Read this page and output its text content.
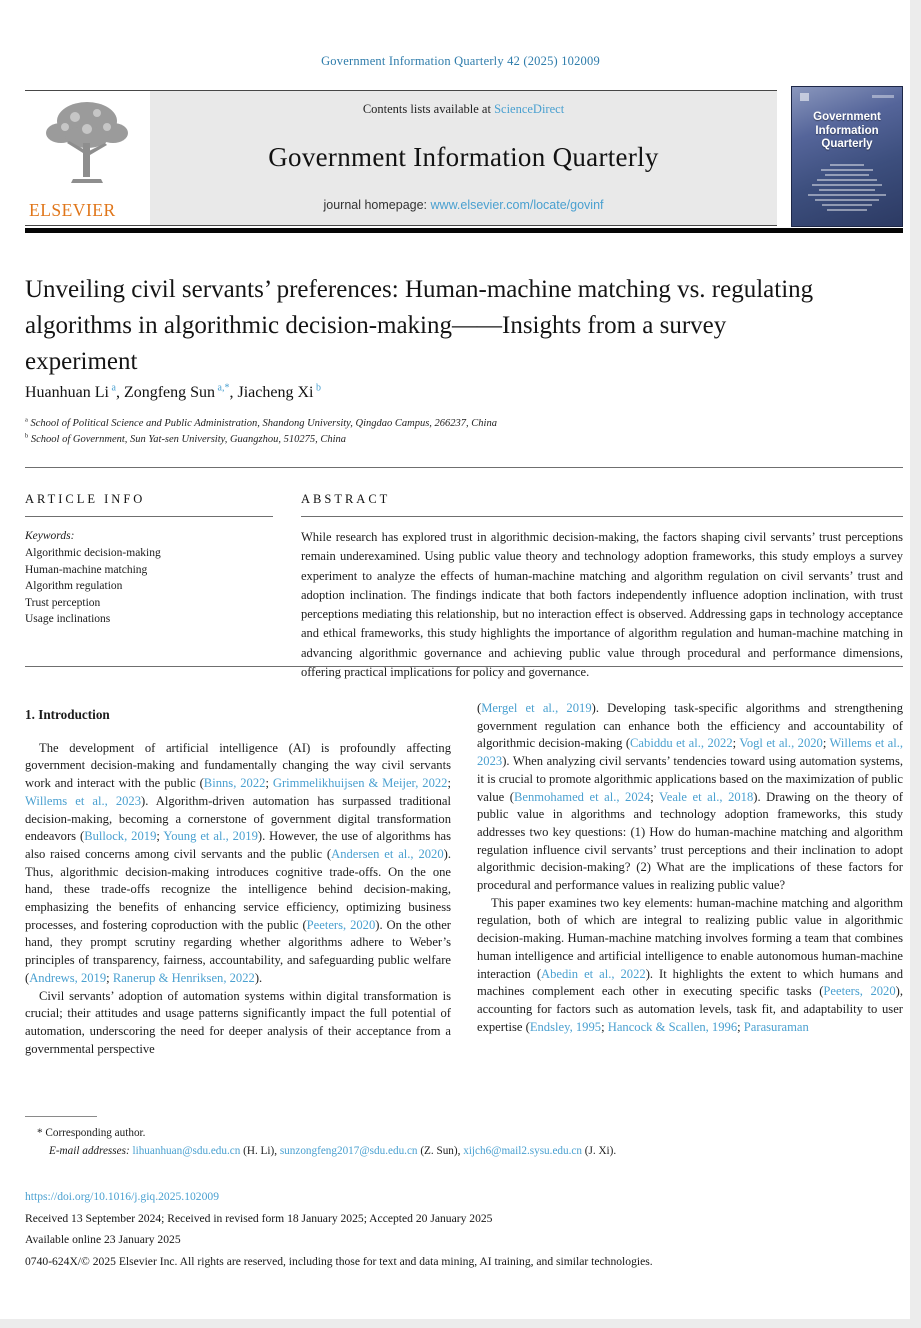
Government Information Quarterly 42 (2025) 102009
ELSEVIER
Contents lists available at ScienceDirect
Government Information Quarterly
journal homepage: www.elsevier.com/locate/govinf
Government Information Quarterly
Unveiling civil servants’ preferences: Human-machine matching vs. regulating algorithms in algorithmic decision-making——Insights from a survey experiment
Huanhuan Li $^a$, Zongfeng Sun $^{a,*}$, Jiacheng Xi $^b$
$^a$ School of Political Science and Public Administration, Shandong University, Qingdao Campus, 266237, China
$^b$ School of Government, Sun Yat-sen University, Guangzhou, 510275, China
ARTICLE INFO
Keywords:
Algorithmic decision-making
Human-machine matching
Algorithm regulation
Trust perception
Usage inclinations
ABSTRACT
While research has explored trust in algorithmic decision-making, the factors shaping civil servants’ trust perceptions remain underexamined. Using public value theory and technology adoption frameworks, this study employs a survey experiment to analyze the effects of human-machine matching and algorithm regulation on civil servants’ trust and adoption inclination. The findings indicate that both factors independently influence adoption inclination, with trust perceptions mediating this relationship, but no interaction effect is observed. Addressing gaps in technology acceptance and ethical frameworks, this study highlights the importance of algorithm regulation and human-machine matching in advancing algorithmic governance and achieving public value through procedural and performance dimensions, offering practical implications for policy and governance.
1. Introduction

The development of artificial intelligence (AI) is profoundly affecting government decision-making and fundamentally changing the way civil servants work and interact with the public (Binns, 2022; Grimmelikhuijsen & Meijer, 2022; Willems et al., 2023). Algorithm-driven automation has surpassed traditional decision-making, becoming a cornerstone of government digital transformation endeavors (Bullock, 2019; Young et al., 2019). However, the use of algorithms has also raised concerns among civil servants and the public (Andersen et al., 2020). Thus, algorithmic decision-making introduces cognitive trade-offs. On the one hand, these trade-offs recognize the intelligence behind decision-making, emphasizing the benefits of enhancing service efficiency, optimizing business processes, and fostering coproduction with the public (Peeters, 2020). On the other hand, they prompt scrutiny regarding whether algorithms adhere to Weber’s principles of transparency, fairness, accountability, and safeguarding public welfare (Andrews, 2019; Ranerup & Henriksen, 2022).

Civil servants’ adoption of automation systems within digital transformation is crucial; their attitudes and usage patterns significantly impact the full potential of automation, underscoring the need for deeper analysis of their acceptance from a governmental perspective

(Mergel et al., 2019). Developing task-specific algorithms and strengthening government regulation can enhance both the efficiency and accountability of algorithmic decision-making (Cabiddu et al., 2022; Vogl et al., 2020; Willems et al., 2023). When analyzing civil servants’ tendencies toward using automation systems, it is crucial to promote algorithmic applications based on the maximization of public value (Benmohamed et al., 2024; Veale et al., 2018). Drawing on the theory of public value in algorithms and technology adoption frameworks, this study addresses two key questions: (1) How do human-machine matching and algorithm regulation influence civil servants’ trust perceptions and their inclination to adopt algorithmic decision-making? (2) What are the implications of these factors for procedural and performance values in realizing public value?

This paper examines two key elements: human-machine matching and algorithm regulation, both of which are integral to realizing public value in algorithmic decision-making. Human-machine matching involves forming a team that combines human intelligence and artificial intelligence to enable autonomous human-machine interaction (Abedin et al., 2022). It highlights the extent to which humans and machines complement each other in executing specific tasks (Peeters, 2020), accounting for factors such as automation levels, task fit, and adaptability to user expertise (Endsley, 1995; Hancock & Scallen, 1996; Parasuraman

* Corresponding author.
E-mail addresses: lihuanhuan@sdu.edu.cn (H. Li), sunzongfeng2017@sdu.edu.cn (Z. Sun), xijch6@mail2.sysu.edu.cn (J. Xi).
https://doi.org/10.1016/j.giq.2025.102009
Received 13 September 2024; Received in revised form 18 January 2025; Accepted 20 January 2025
Available online 23 January 2025
0740-624X/© 2025 Elsevier Inc. All rights are reserved, including those for text and data mining, AI training, and similar technologies.
